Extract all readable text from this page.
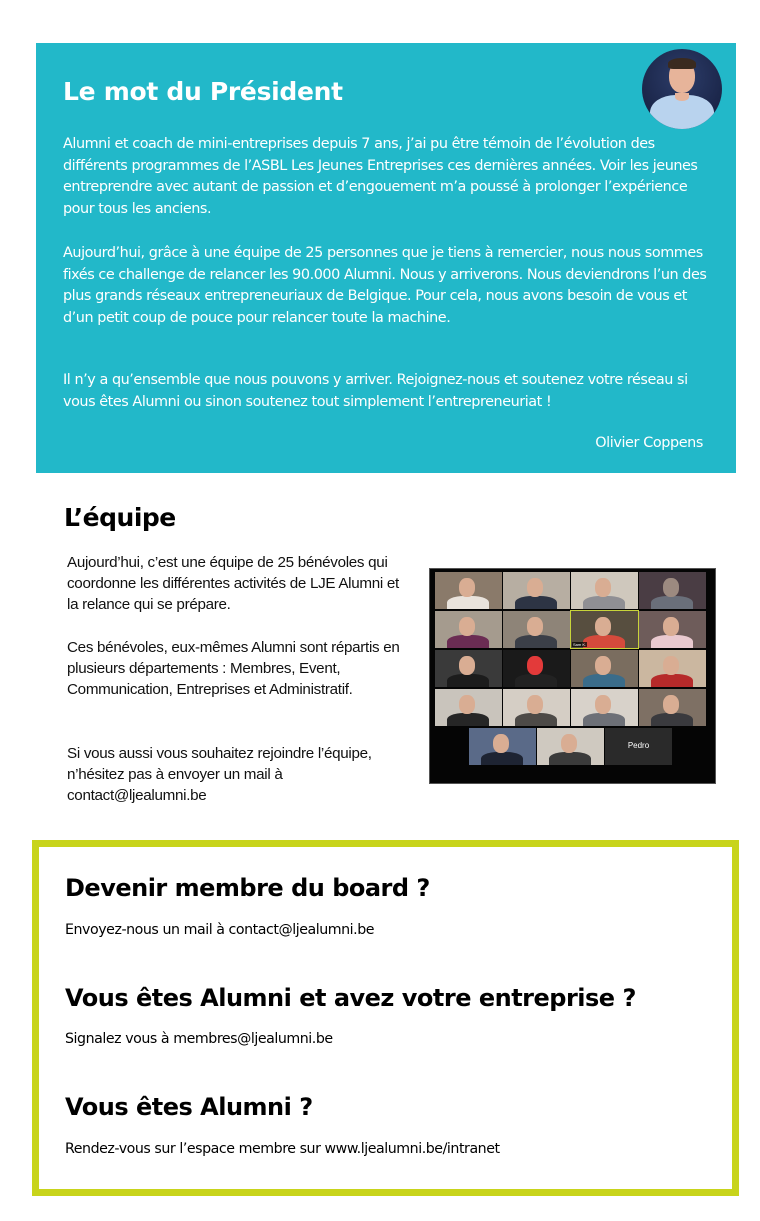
Le mot du Président

Alumni et coach de mini-entreprises depuis 7 ans, j’ai pu être témoin de l’évolution des différents programmes de l’ASBL Les Jeunes Entreprises ces dernières années. Voir les jeunes entreprendre avec autant de passion et d’engouement m’a poussé à prolonger l’expérience pour tous les anciens.

Aujourd’hui, grâce à une équipe de 25 personnes que je tiens à remercier, nous nous sommes fixés ce challenge de relancer les 90.000 Alumni. Nous y arriverons. Nous deviendrons l’un des plus grands réseaux entrepreneuriaux de Belgique. Pour cela, nous avons besoin de vous et d’un petit coup de pouce pour relancer toute la machine.

Il n’y a qu’ensemble que nous pouvons y arriver. Rejoignez-nous et soutenez votre réseau si vous êtes Alumni ou sinon soutenez tout simplement l’entrepreneuriat !

Olivier Coppens
L’équipe

Aujourd’hui, c’est une équipe de 25 bénévoles qui coordonne les différentes activités de LJE Alumni et la relance qui se prépare.

Ces bénévoles, eux-mêmes Alumni sont répartis en plusieurs départements : Membres, Event, Communication, Entreprises et Administratif.

Si vous aussi vous souhaitez rejoindre l’équipe, n’hésitez pas à envoyer un mail à contact@ljealumni.be

Sam K.
Pedro
Devenir membre du board ?

Envoyez-nous un mail à contact@ljealumni.be

Vous êtes Alumni et avez votre entreprise ?

Signalez vous à membres@ljealumni.be

Vous êtes Alumni ?

Rendez-vous sur l’espace membre sur www.ljealumni.be/intranet
